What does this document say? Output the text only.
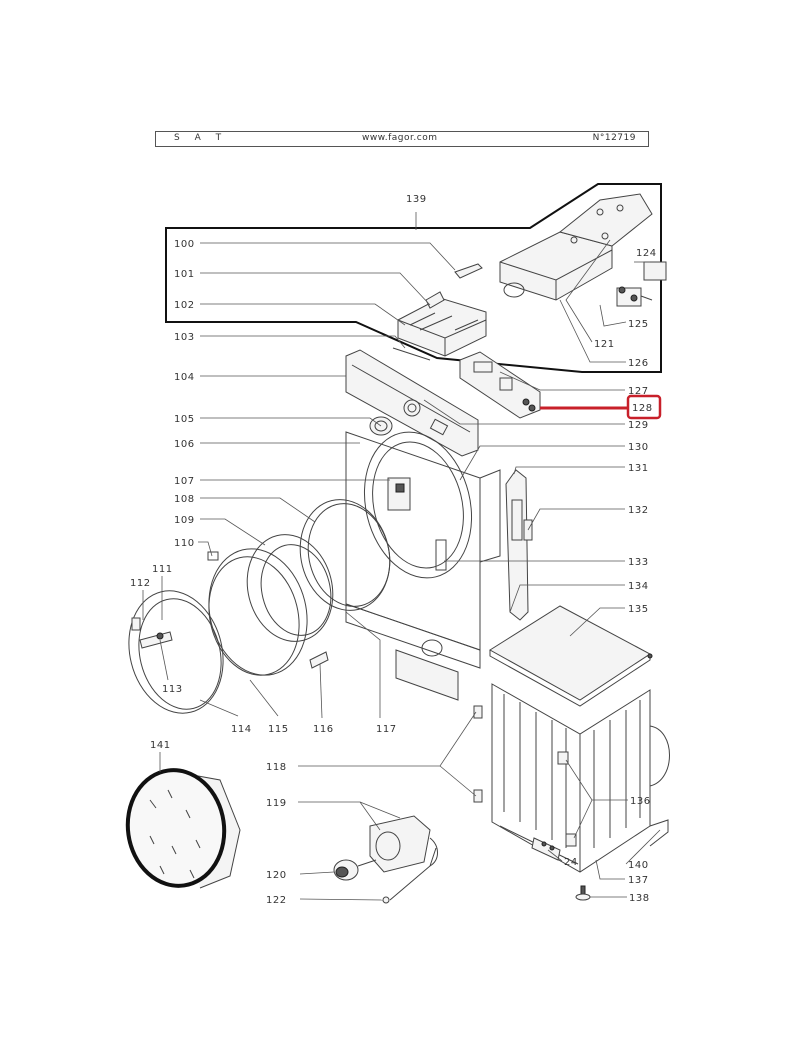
S A T	www.fagor.com	N°12719
100
101
102
103
104
105
106
107
108
109
110
111
112
113
114 115 116	117
118
119
120
122
139
124
125
121
126
127
128
129
130
131
132
133
134
135
136
140
137
138
141
24
